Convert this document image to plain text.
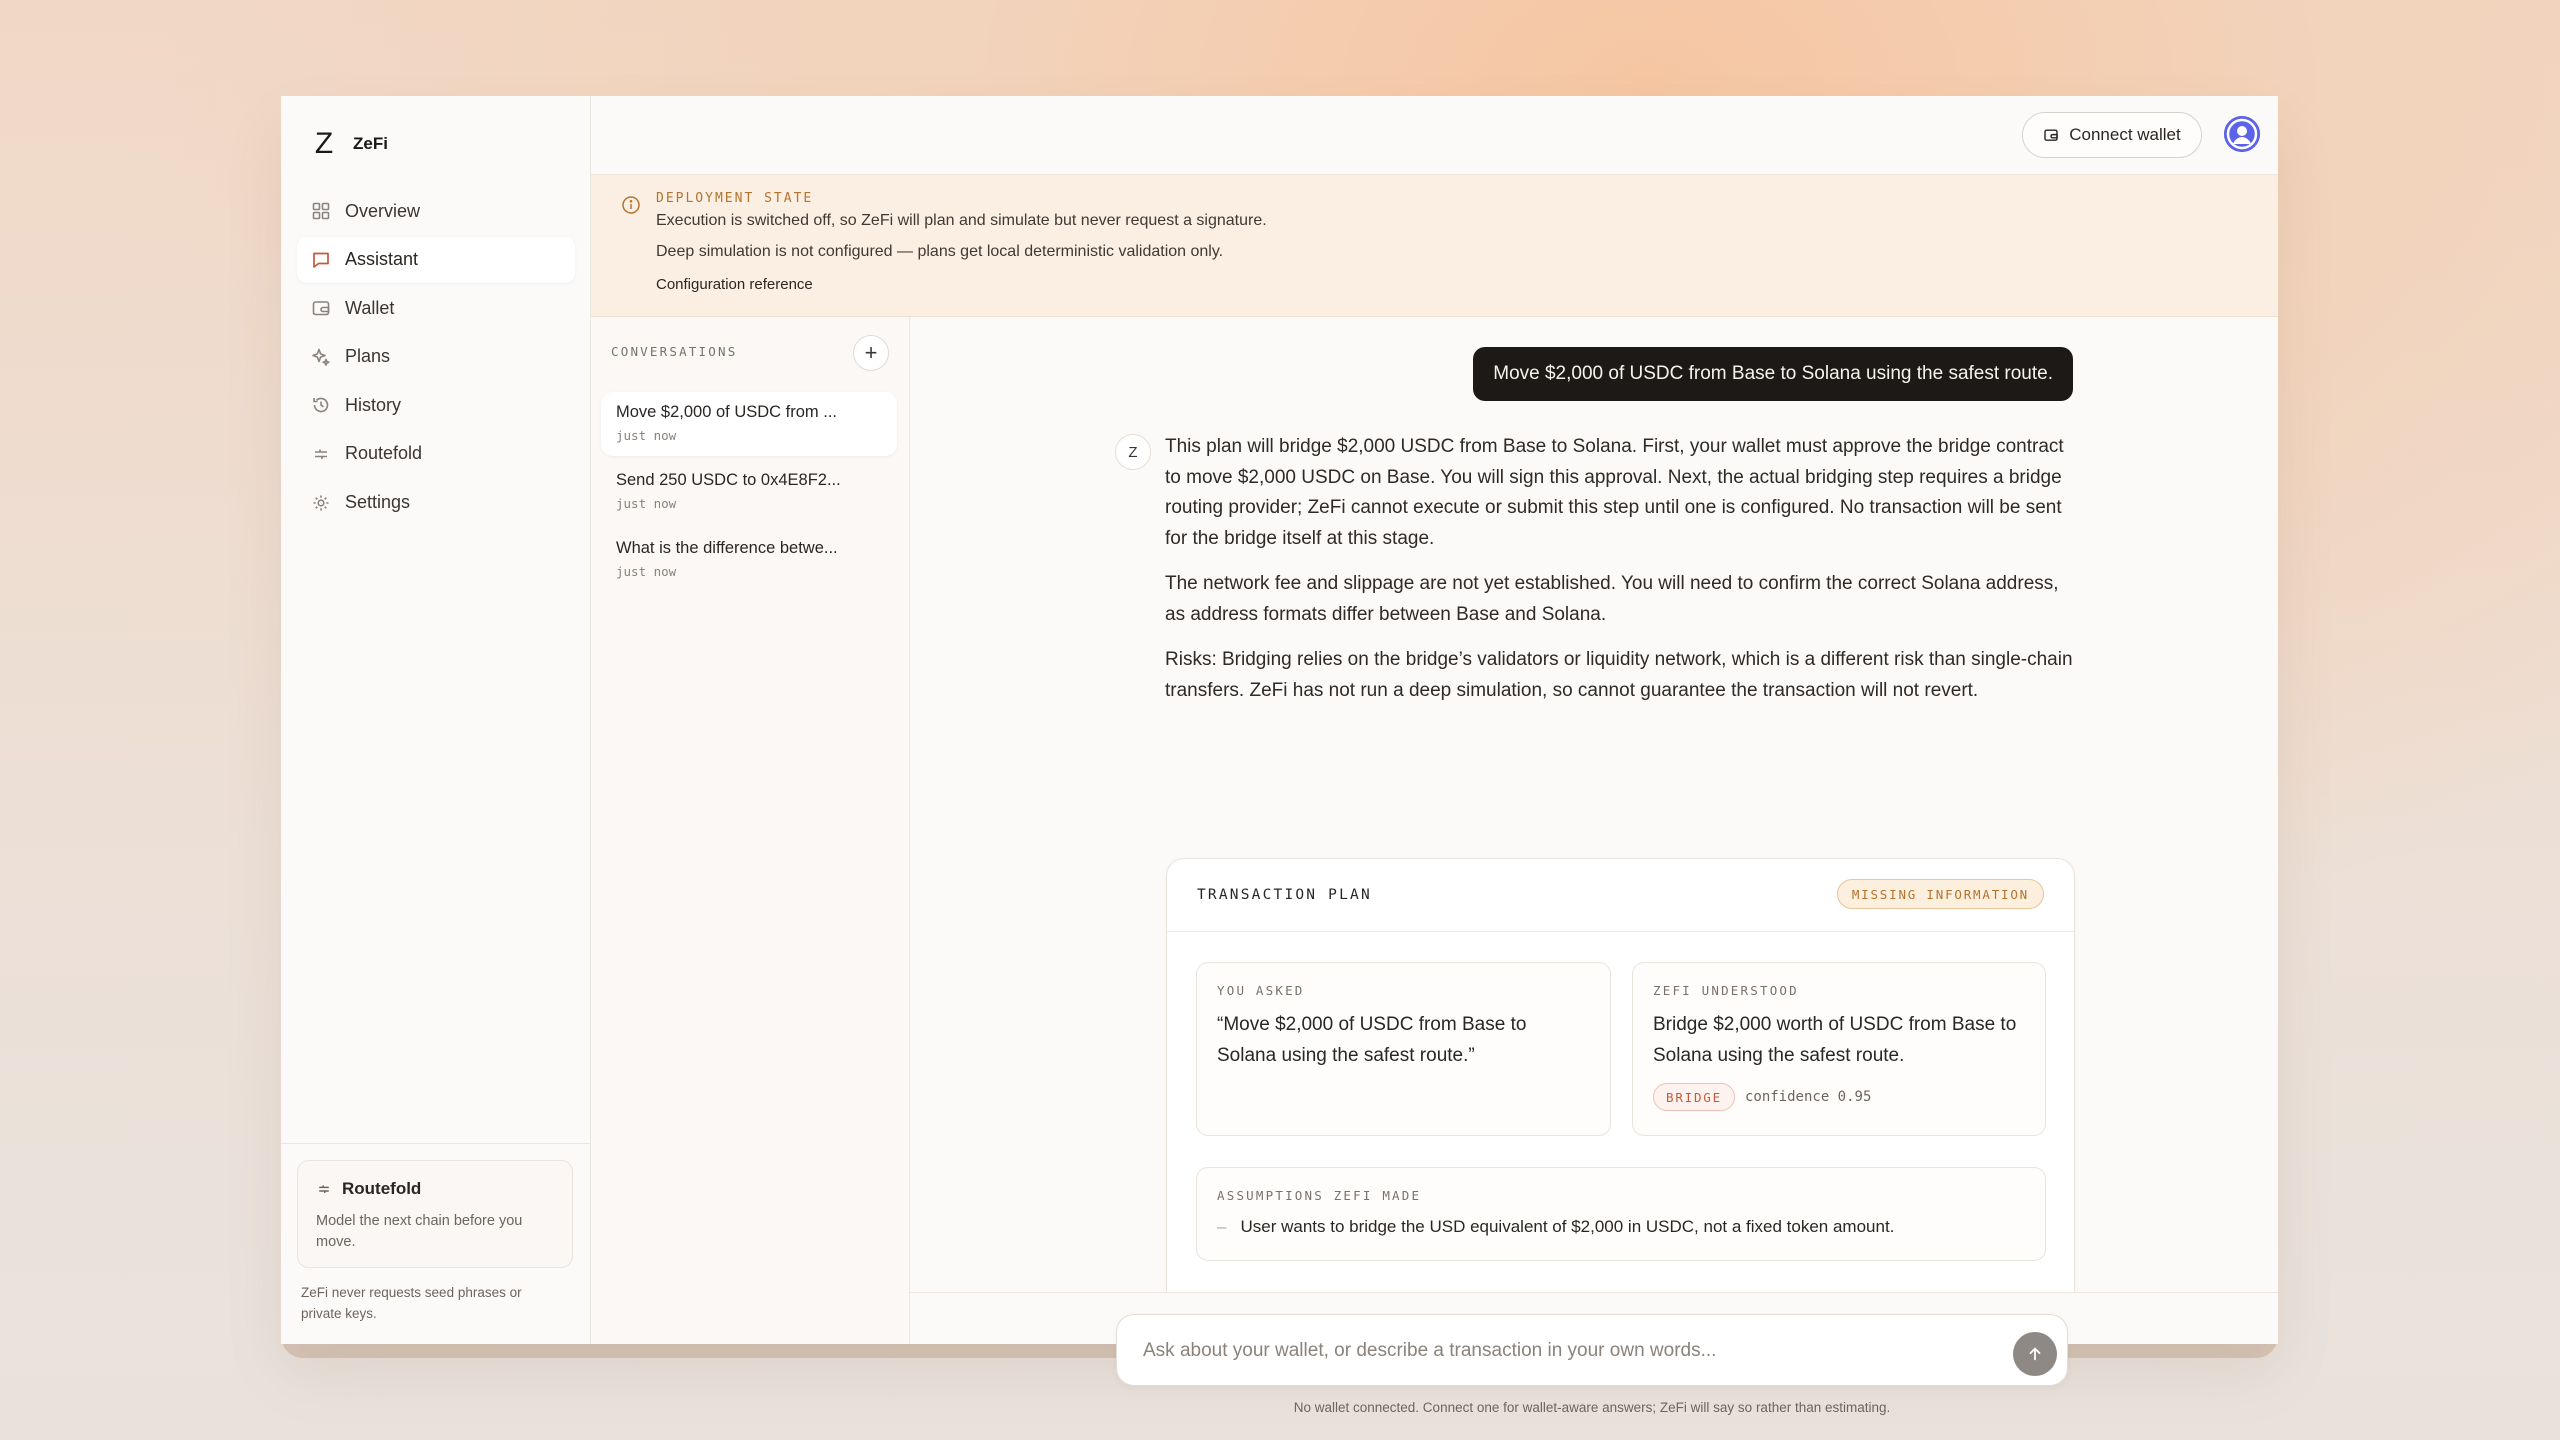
Z ZeFi
Overview
Assistant
Wallet
Plans
History
Routefold
Settings
Routefold
Model the next chain before you move.
ZeFi never requests seed phrases or private keys.
Connect wallet
DEPLOYMENT STATE
Execution is switched off, so ZeFi will plan and simulate but never request a signature.
Deep simulation is not configured — plans get local deterministic validation only.
Configuration reference
CONVERSATIONS	+
Move $2,000 of USDC from ...
just now
Send 250 USDC to 0x4E8F2...
just now
What is the difference betwe...
just now
Move $2,000 of USDC from Base to Solana using the safest route.
Z	This plan will bridge $2,000 USDC from Base to Solana. First, your wallet must approve the bridge contract to move $2,000 USDC on Base. You will sign this approval. Next, the actual bridging step requires a bridge routing provider; ZeFi cannot execute or submit this step until one is configured. No transaction will be sent for the bridge itself at this stage.

The network fee and slippage are not yet established. You will need to confirm the correct Solana address, as address formats differ between Base and Solana.

Risks: Bridging relies on the bridge’s validators or liquidity network, which is a different risk than single-chain transfers. ZeFi has not run a deep simulation, so cannot guarantee the transaction will not revert.

TRANSACTION PLAN	MISSING INFORMATION
YOU ASKED
“Move $2,000 of USDC from Base to Solana using the safest route.”
ZEFI UNDERSTOOD
Bridge $2,000 worth of USDC from Base to Solana using the safest route.
BRIDGE	confidence 0.95
ASSUMPTIONS ZEFI MADE
– User wants to bridge the USD equivalent of $2,000 in USDC, not a fixed token amount.
Ask about your wallet, or describe a transaction in your own words...
No wallet connected. Connect one for wallet-aware answers; ZeFi will say so rather than estimating.
